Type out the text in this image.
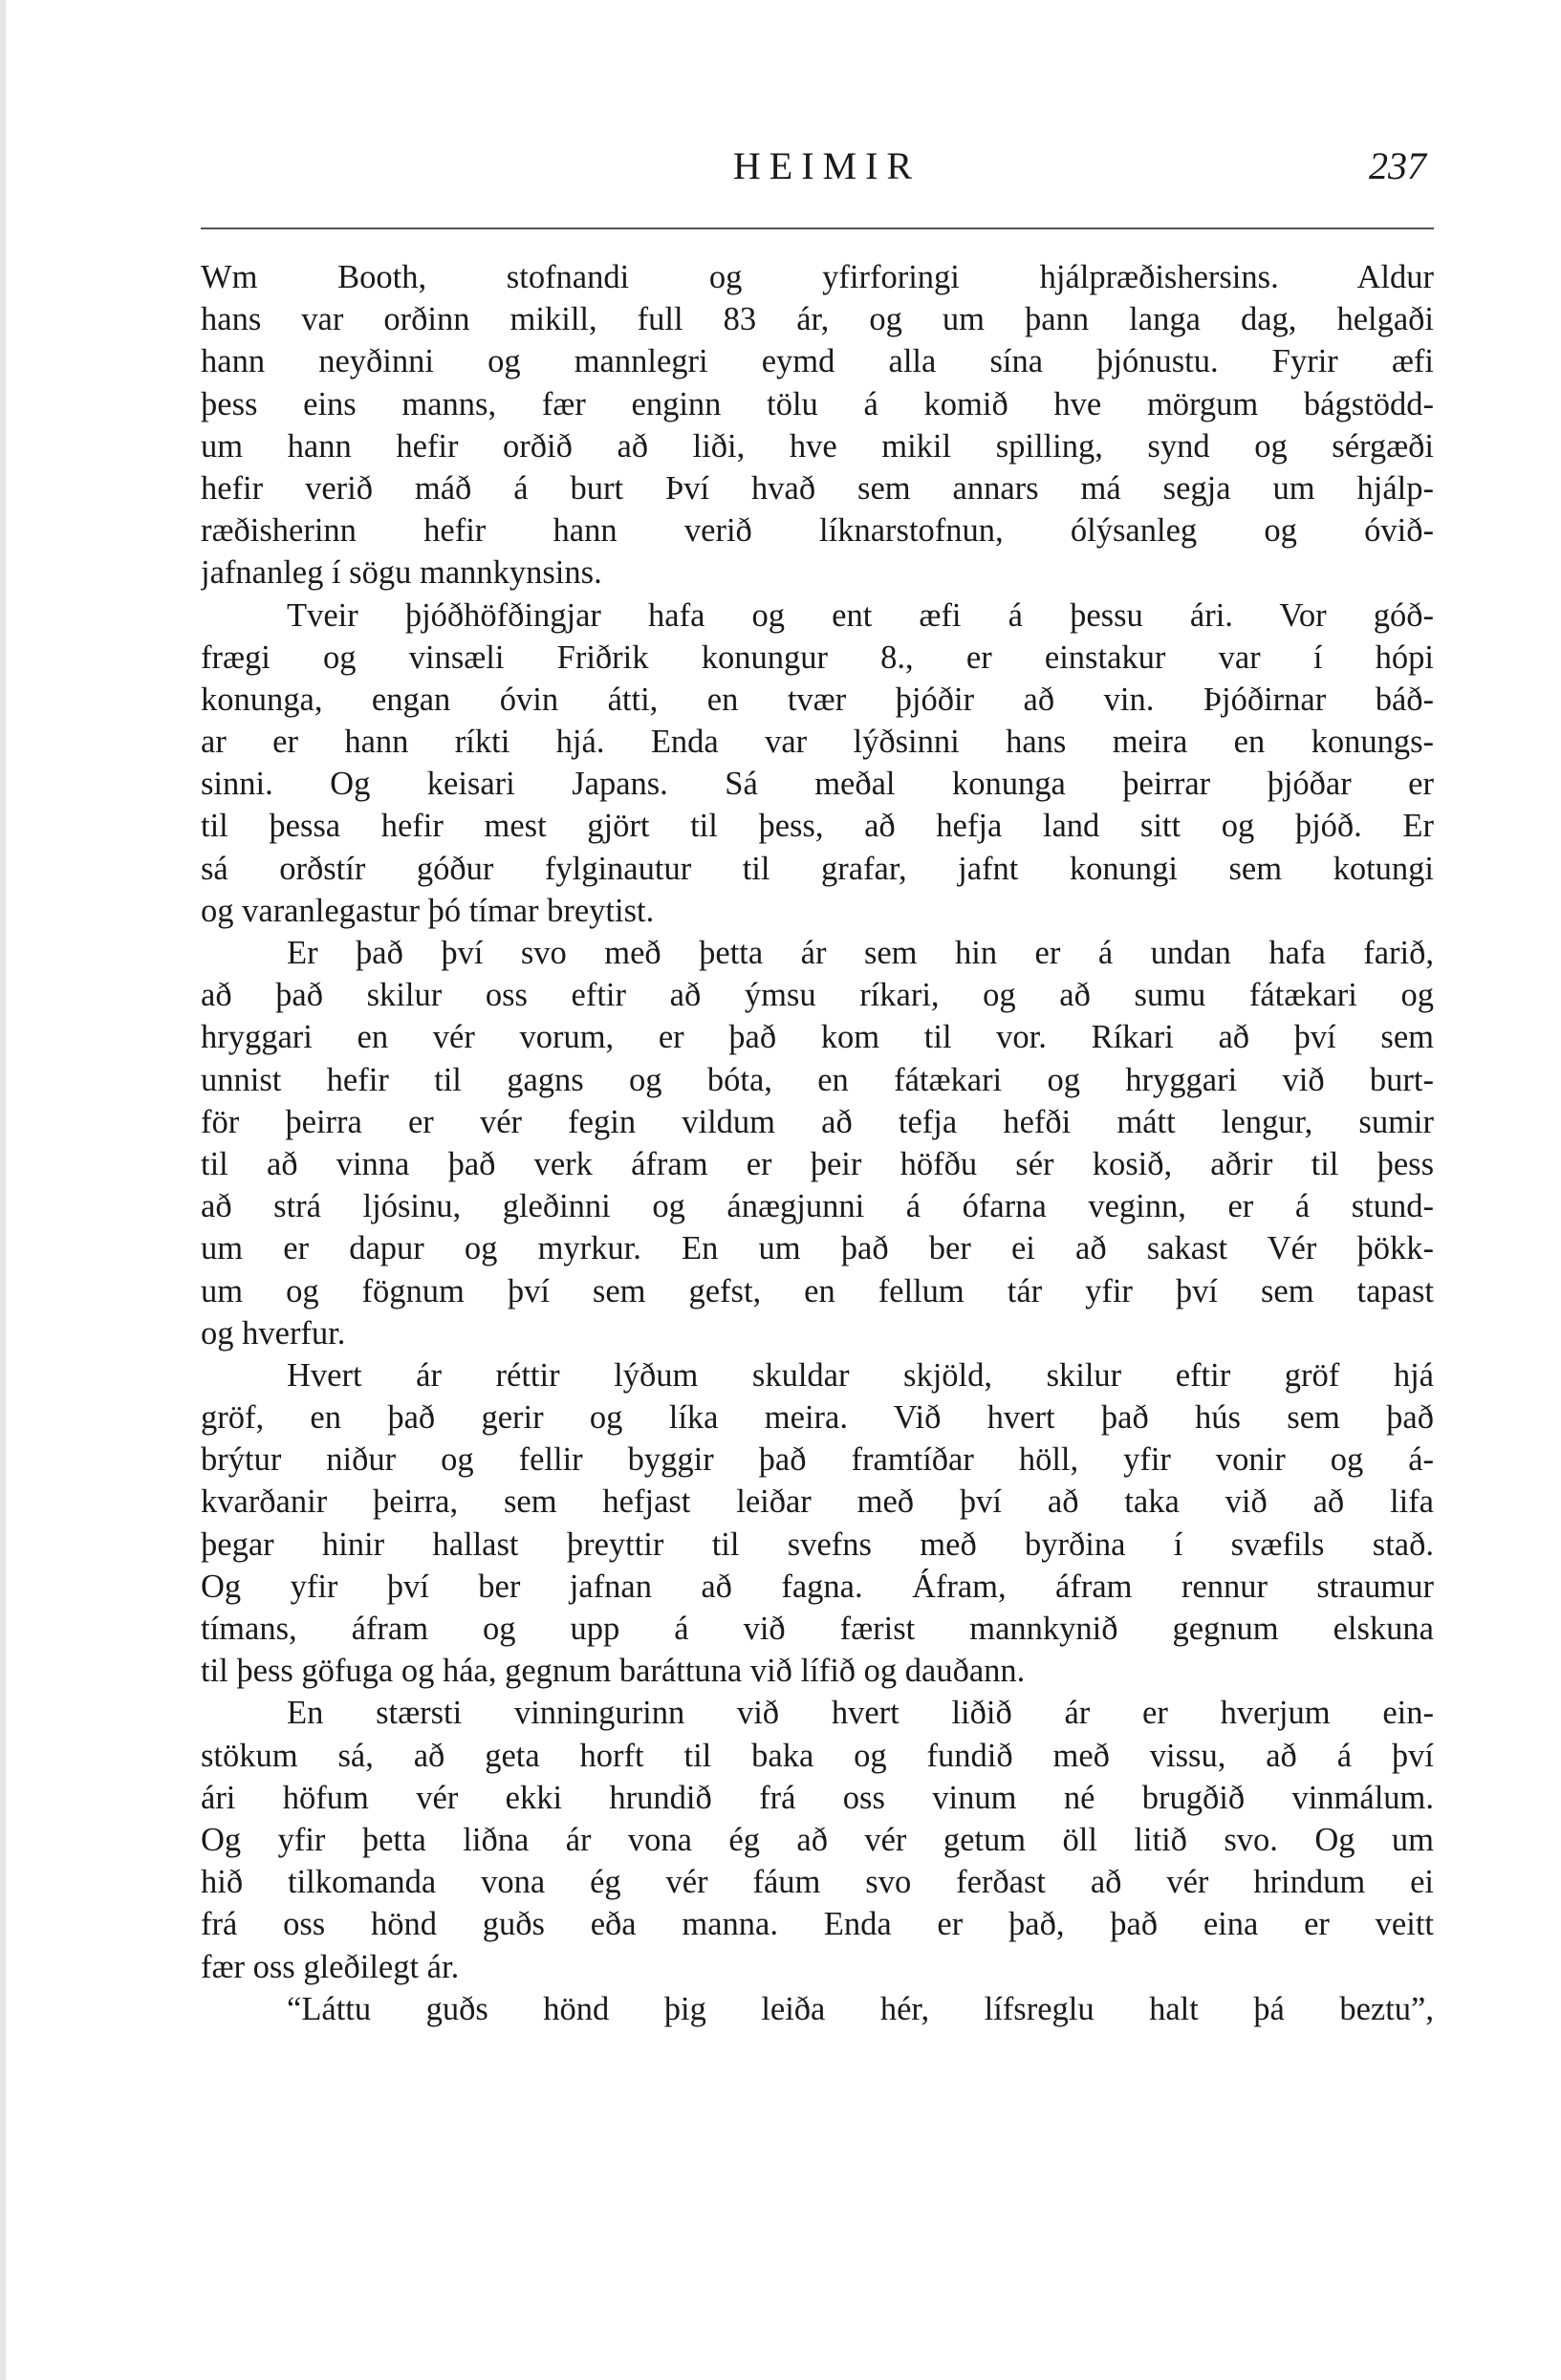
HEIMIR	237
Wm Booth, stofnandi og yfirforingi hjálpræðishersins. Aldur
hans var orðinn mikill, full 83 ár, og um þann langa dag, helgaði
hann neyðinni og mannlegri eymd alla sína þjónustu. Fyrir æfi
þess eins manns, fær enginn tölu á komið hve mörgum bágstödd-
um hann hefir orðið að liði, hve mikil spilling, synd og sérgæði
hefir verið máð á burt Því hvað sem annars má segja um hjálp-
ræðisherinn hefir hann verið líknarstofnun, ólýsanleg og óvið-
jafnanleg í sögu mannkynsins.
Tveir þjóðhöfðingjar hafa og ent æfi á þessu ári. Vor góð-
frægi og vinsæli Friðrik konungur 8., er einstakur var í hópi
konunga, engan óvin átti, en tvær þjóðir að vin. Þjóðirnar báð-
ar er hann ríkti hjá. Enda var lýðsinni hans meira en konungs-
sinni. Og keisari Japans. Sá meðal konunga þeirrar þjóðar er
til þessa hefir mest gjört til þess, að hefja land sitt og þjóð. Er
sá orðstír góður fylginautur til grafar, jafnt konungi sem kotungi
og varanlegastur þó tímar breytist.
Er það því svo með þetta ár sem hin er á undan hafa farið,
að það skilur oss eftir að ýmsu ríkari, og að sumu fátækari og
hryggari en vér vorum, er það kom til vor. Ríkari að því sem
unnist hefir til gagns og bóta, en fátækari og hryggari við burt-
för þeirra er vér fegin vildum að tefja hefði mátt lengur, sumir
til að vinna það verk áfram er þeir höfðu sér kosið, aðrir til þess
að strá ljósinu, gleðinni og ánægjunni á ófarna veginn, er á stund-
um er dapur og myrkur. En um það ber ei að sakast Vér þökk-
um og fögnum því sem gefst, en fellum tár yfir því sem tapast
og hverfur.
Hvert ár réttir lýðum skuldar skjöld, skilur eftir gröf hjá
gröf, en það gerir og líka meira. Við hvert það hús sem það
brýtur niður og fellir byggir það framtíðar höll, yfir vonir og á-
kvarðanir þeirra, sem hefjast leiðar með því að taka við að lifa
þegar hinir hallast þreyttir til svefns með byrðina í svæfils stað.
Og yfir því ber jafnan að fagna. Áfram, áfram rennur straumur
tímans, áfram og upp á við færist mannkynið gegnum elskuna
til þess göfuga og háa, gegnum baráttuna við lífið og dauðann.
En stærsti vinningurinn við hvert liðið ár er hverjum ein-
stökum sá, að geta horft til baka og fundið með vissu, að á því
ári höfum vér ekki hrundið frá oss vinum né brugðið vinmálum.
Og yfir þetta liðna ár vona ég að vér getum öll litið svo. Og um
hið tilkomanda vona ég vér fáum svo ferðast að vér hrindum ei
frá oss hönd guðs eða manna. Enda er það, það eina er veitt
fær oss gleðilegt ár.
“Láttu guðs hönd þig leiða hér, lífsreglu halt þá beztu”,
